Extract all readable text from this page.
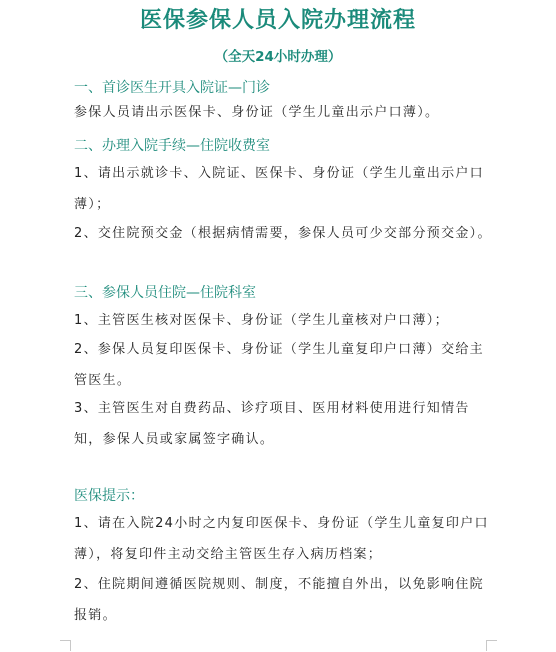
医保参保人员入院办理流程
（全天24小时办理）
一、首诊医生开具入院证—门诊
参保人员请出示医保卡、身份证（学生儿童出示户口薄）。
二、办理入院手续—住院收费室
1、请出示就诊卡、入院证、医保卡、身份证（学生儿童出示户口薄）；
2、交住院预交金（根据病情需要，参保人员可少交部分预交金）。
三、参保人员住院—住院科室
1、主管医生核对医保卡、身份证（学生儿童核对户口薄）；
2、参保人员复印医保卡、身份证（学生儿童复印户口薄）交给主管医生。
3、主管医生对自费药品、诊疗项目、医用材料使用进行知情告知，参保人员或家属签字确认。
医保提示：
1、请在入院24小时之内复印医保卡、身份证（学生儿童复印户口薄），将复印件主动交给主管医生存入病历档案；
2、住院期间遵循医院规则、制度，不能擅自外出，以免影响住院报销。
